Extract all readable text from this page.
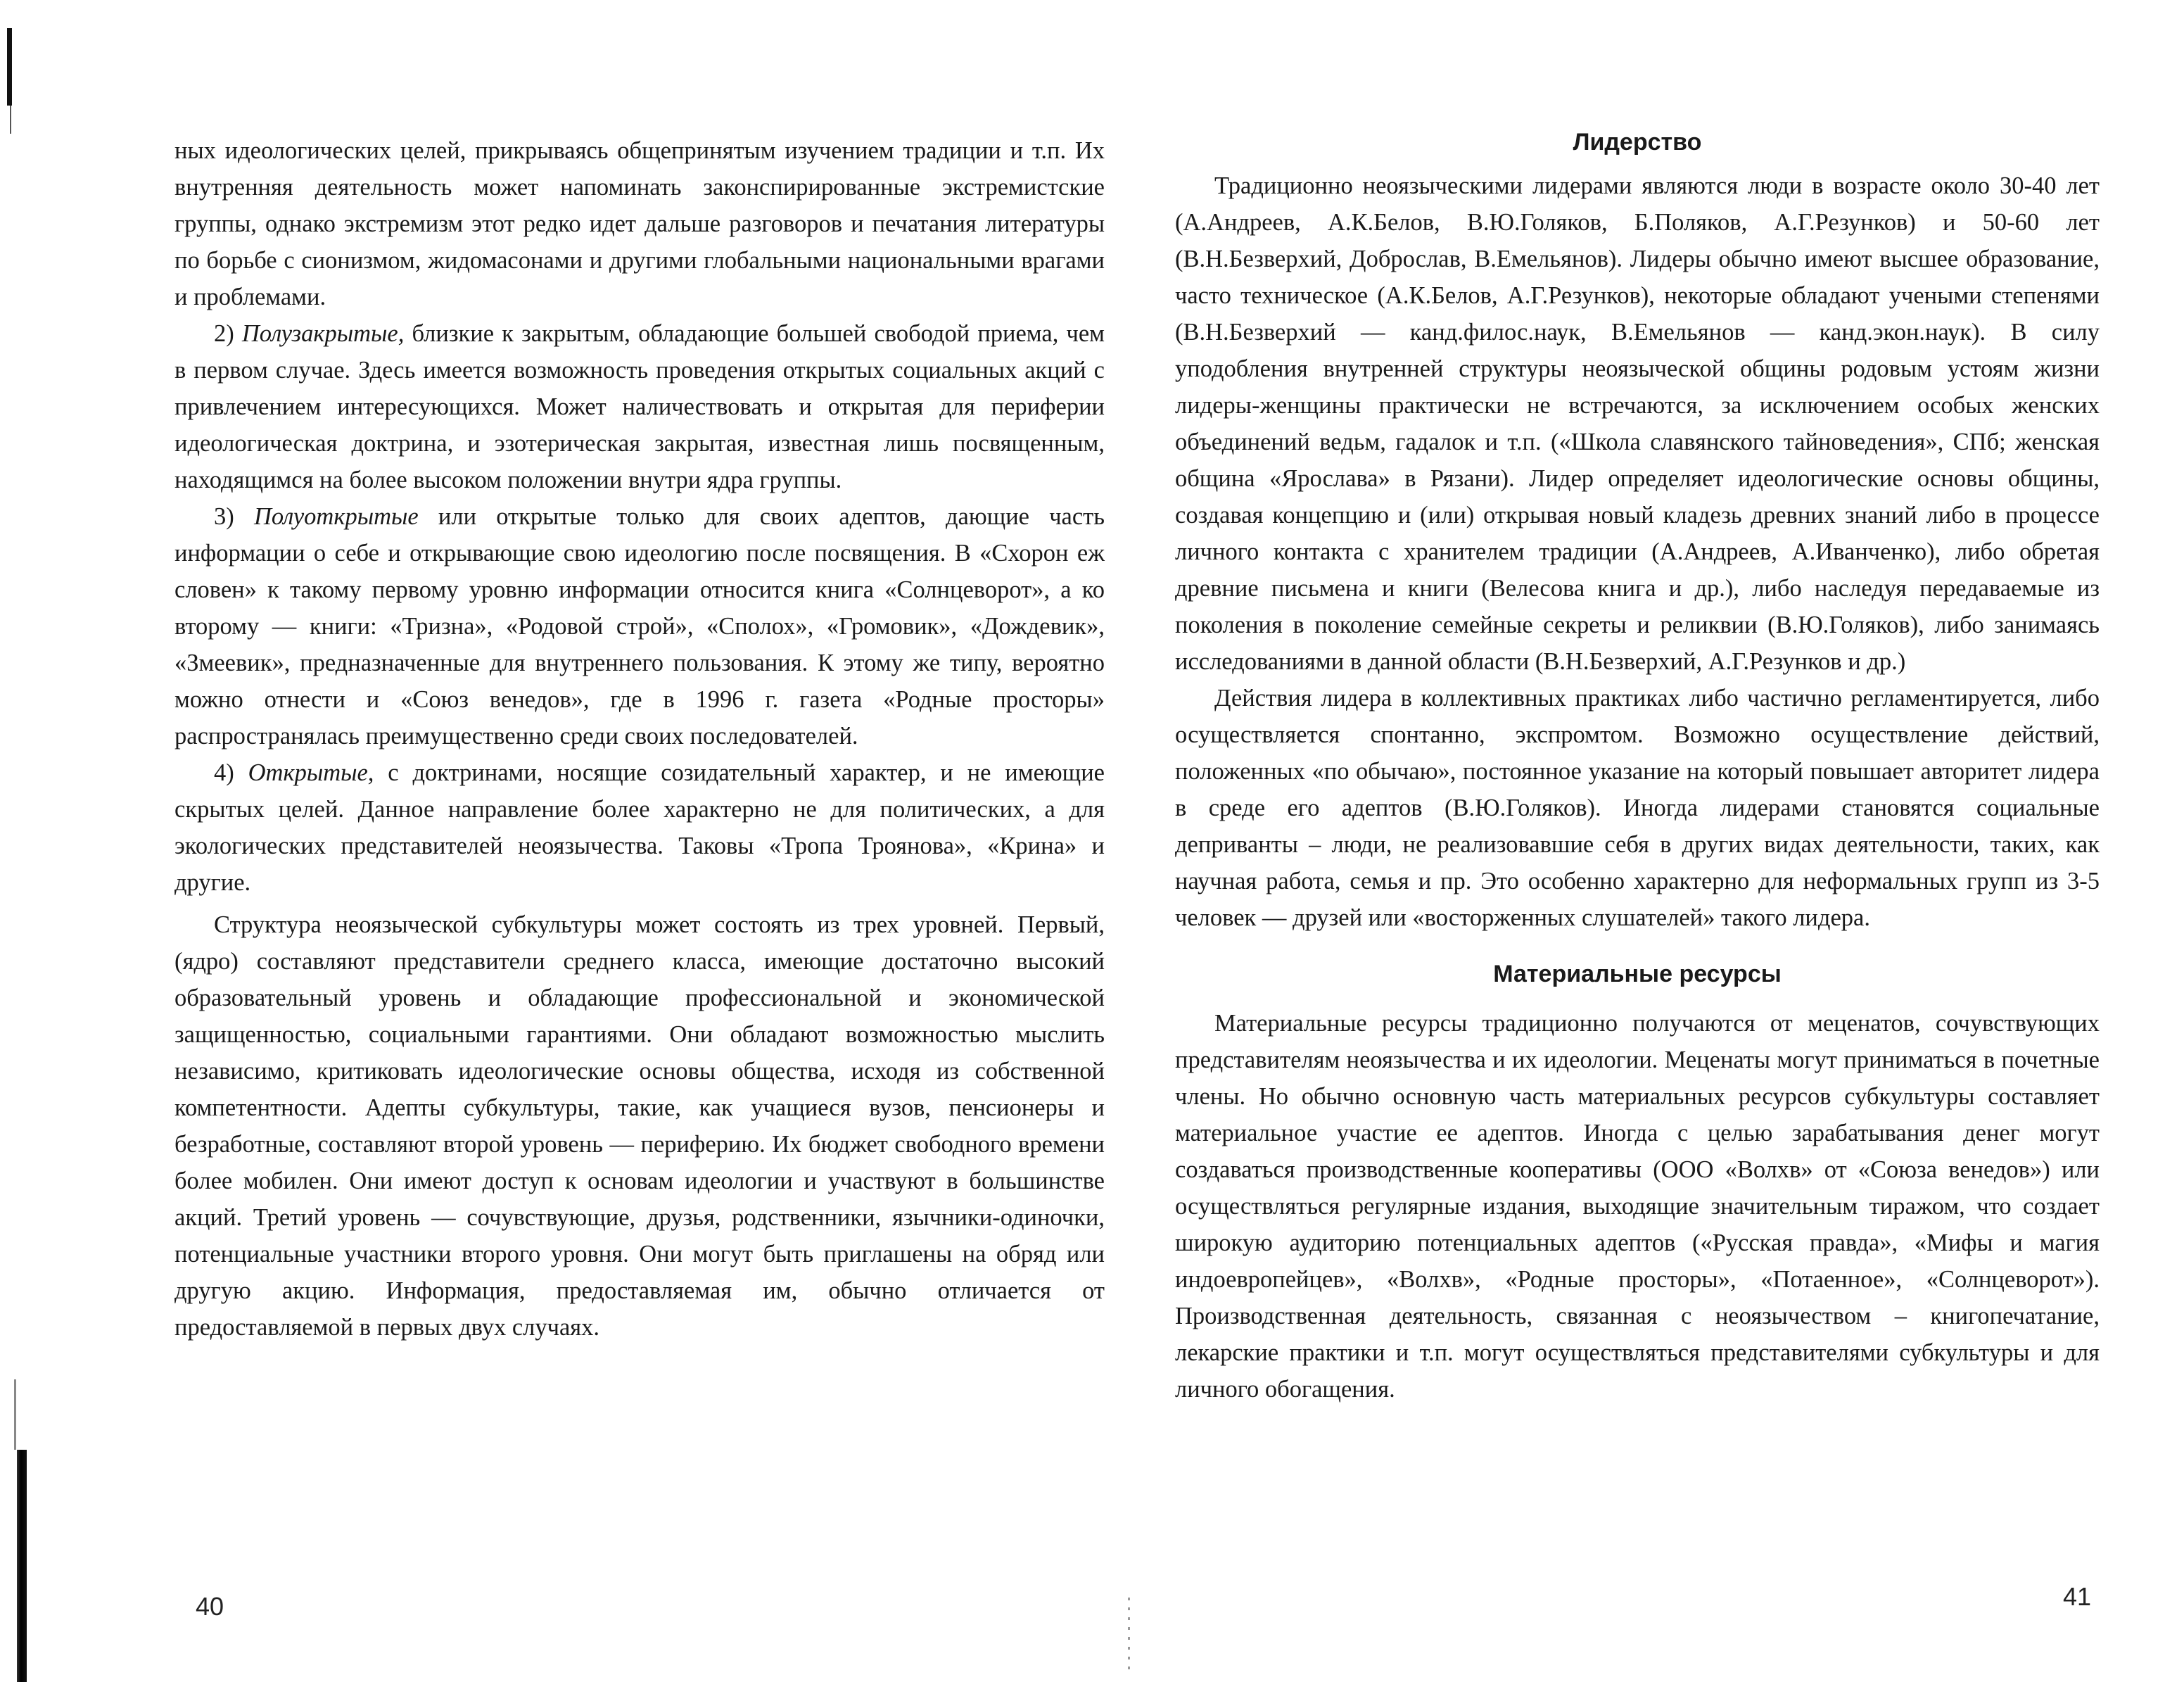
ных идеологических целей, прикрываясь общепринятым изучением традиции и т.п. Их внутренняя деятельность может напоминать законспирированные экстремистские группы, однако экстремизм этот редко идет дальше разговоров и печатания литературы по борьбе с сионизмом, жидомасонами и другими глобальными национальными врагами и проблемами.

2) Полузакрытые, близкие к закрытым, обладающие большей свободой приема, чем в первом случае. Здесь имеется возможность проведения открытых социальных акций с привлечением интересующихся. Может наличествовать и открытая для периферии идеологическая доктрина, и эзотерическая закрытая, известная лишь посвященным, находящимся на более высоком положении внутри ядра группы.

3) Полуоткрытые или открытые только для своих адептов, дающие часть информации о себе и открывающие свою идеологию после посвящения. В «Схорон еж словен» к такому первому уровню информации относится книга «Солнцеворот», а ко второму — книги: «Тризна», «Родовой строй», «Сполох», «Громовик», «Дождевик», «Змеевик», предназначенные для внутреннего пользования. К этому же типу, вероятно можно отнести и «Союз венедов», где в 1996 г. газета «Родные просторы» распространялась преимущественно среди своих последователей.

4) Открытые, с доктринами, носящие созидательный характер, и не имеющие скрытых целей. Данное направление более характерно не для политических, а для экологических представителей неоязычества. Таковы «Тропа Троянова», «Крина» и другие.

Структура неоязыческой субкультуры может состоять из трех уровней. Первый, (ядро) составляют представители среднего класса, имеющие достаточно высокий образовательный уровень и обладающие профессиональной и экономической защищенностью, социальными гарантиями. Они обладают возможностью мыслить независимо, критиковать идеологические основы общества, исходя из собственной компетентности. Адепты субкультуры, такие, как учащиеся вузов, пенсионеры и безработные, составляют второй уровень — периферию. Их бюджет свободного времени более мобилен. Они имеют доступ к основам идеологии и участвуют в большинстве акций. Третий уровень — сочувствующие, друзья, родственники, язычники-одиночки, потенциальные участники второго уровня. Они могут быть приглашены на обряд или другую акцию. Информация, предоставляемая им, обычно отличается от предоставляемой в первых двух случаях.

40
Лидерство

Традиционно неоязыческими лидерами являются люди в возрасте около 30-40 лет (А.Андреев, А.К.Белов, В.Ю.Голяков, Б.Поляков, А.Г.Резунков) и 50-60 лет (В.Н.Безверхий, Доброслав, В.Емельянов). Лидеры обычно имеют высшее образование, часто техническое (А.К.Белов, А.Г.Резунков), некоторые обладают учеными степенями (В.Н.Безверхий — канд.филос.наук, В.Емельянов — канд.экон.наук). В силу уподобления внутренней структуры неоязыческой общины родовым устоям жизни лидеры-женщины практически не встречаются, за исключением особых женских объединений ведьм, гадалок и т.п. («Школа славянского тайноведения», СПб; женская община «Ярослава» в Рязани). Лидер определяет идеологические основы общины, создавая концепцию и (или) открывая новый кладезь древних знаний либо в процессе личного контакта с хранителем традиции (А.Андреев, А.Иванченко), либо обретая древние письмена и книги (Велесова книга и др.), либо наследуя передаваемые из поколения в поколение семейные секреты и реликвии (В.Ю.Голяков), либо занимаясь исследованиями в данной области (В.Н.Безверхий, А.Г.Резунков и др.)

Действия лидера в коллективных практиках либо частично регламентируется, либо осуществляется спонтанно, экспромтом. Возможно осуществление действий, положенных «по обычаю», постоянное указание на который повышает авторитет лидера в среде его адептов (В.Ю.Голяков). Иногда лидерами становятся социальные деприванты – люди, не реализовавшие себя в других видах деятельности, таких, как научная работа, семья и пр. Это особенно характерно для неформальных групп из 3-5 человек — друзей или «восторженных слушателей» такого лидера.

Материальные ресурсы

Материальные ресурсы традиционно получаются от меценатов, сочувствующих представителям неоязычества и их идеологии. Меценаты могут приниматься в почетные члены. Но обычно основную часть материальных ресурсов субкультуры составляет материальное участие ее адептов. Иногда с целью зарабатывания денег могут создаваться производственные кооперативы (ООО «Волхв» от «Союза венедов») или осуществляться регулярные издания, выходящие значительным тиражом, что создает широкую аудиторию потенциальных адептов («Русская правда», «Мифы и магия индоевропейцев», «Волхв», «Родные просторы», «Потаенное», «Солнцеворот»). Производственная деятельность, связанная с неоязычеством – книгопечатание, лекарские практики и т.п. могут осуществляться представителями субкультуры и для личного обогащения.

41
